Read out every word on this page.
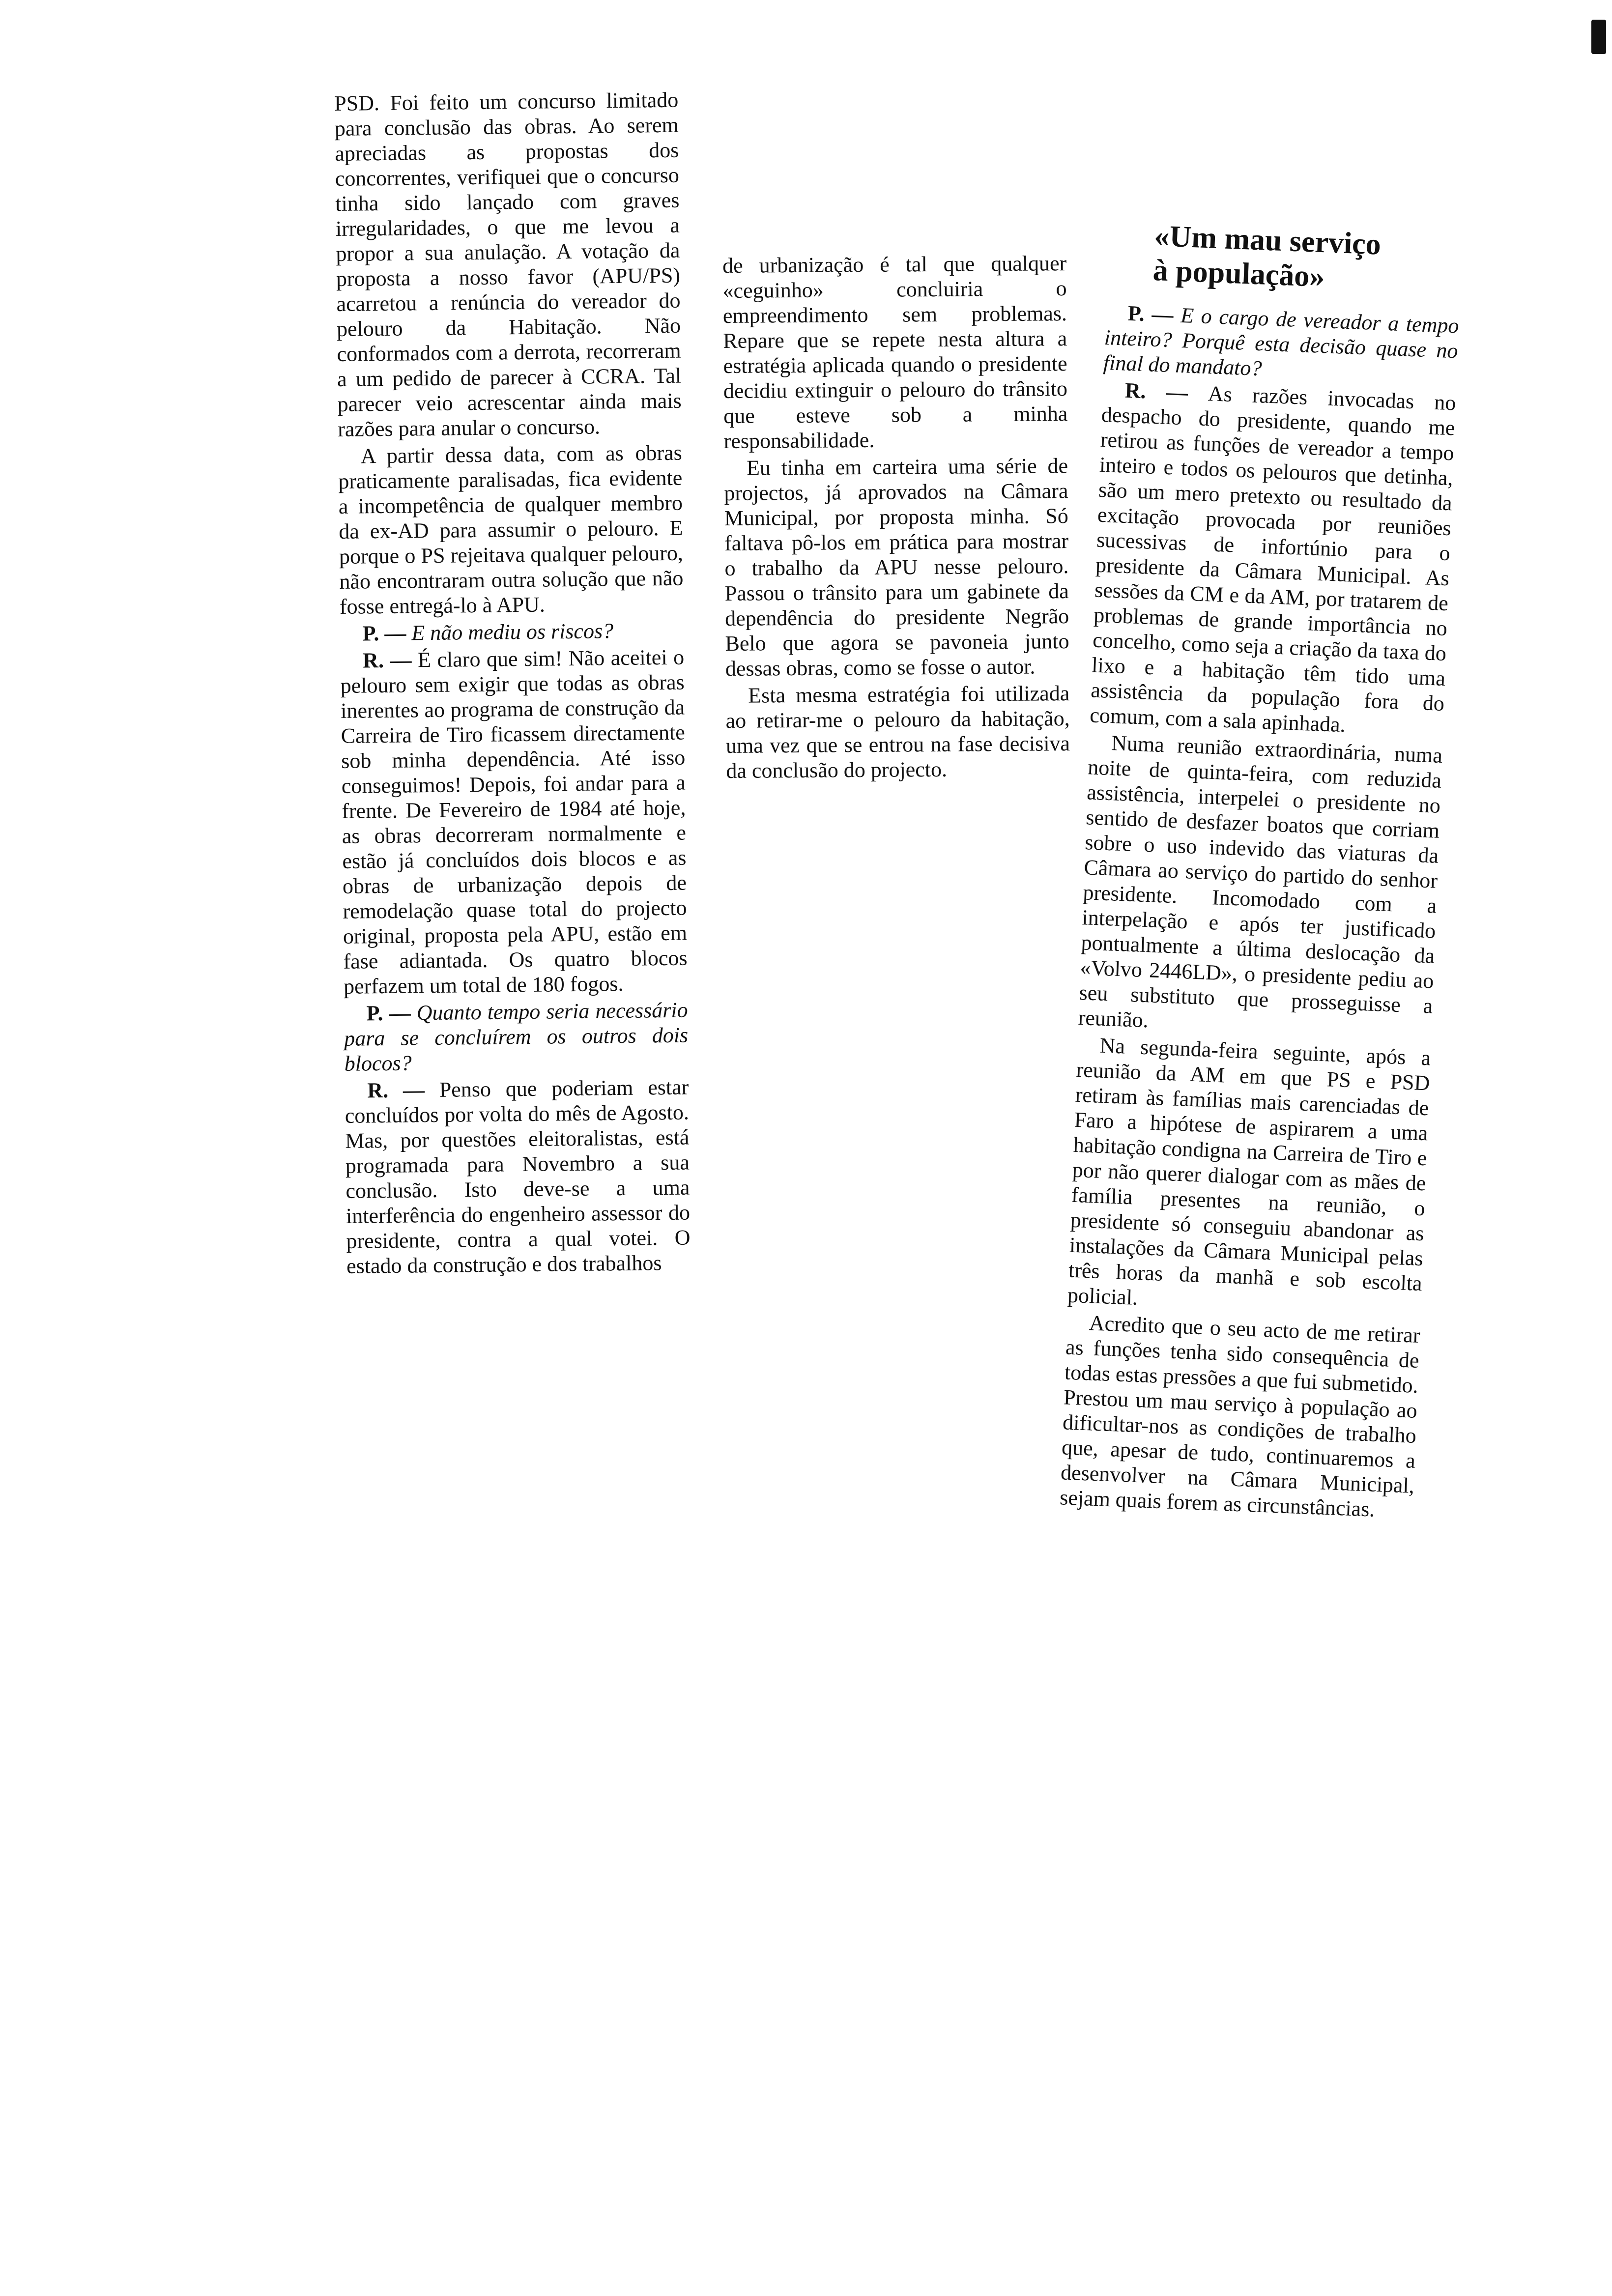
PSD. Foi feito um concurso limitado para conclusão das obras. Ao serem apreciadas as propostas dos concorrentes, verifiquei que o concurso tinha sido lançado com graves irregularidades, o que me levou a propor a sua anulação. A votação da proposta a nosso favor (APU/PS) acarretou a renúncia do vereador do pelouro da Habitação. Não conformados com a derrota, recorreram a um pedido de parecer à CCRA. Tal parecer veio acrescentar ainda mais razões para anular o concurso.

A partir dessa data, com as obras praticamente paralisadas, fica evidente a incompetência de qualquer membro da ex-AD para assumir o pelouro. E porque o PS rejeitava qualquer pelouro, não encontraram outra solução que não fosse entregá-lo à APU.

P. — E não mediu os riscos?

R. — É claro que sim! Não aceitei o pelouro sem exigir que todas as obras inerentes ao programa de construção da Carreira de Tiro ficassem directamente sob minha dependência. Até isso conseguimos! Depois, foi andar para a frente. De Fevereiro de 1984 até hoje, as obras decorreram normalmente e estão já concluídos dois blocos e as obras de urbanização depois de remodelação quase total do projecto original, proposta pela APU, estão em fase adiantada. Os quatro blocos perfazem um total de 180 fogos.

P. — Quanto tempo seria necessário para se concluírem os outros dois blocos?

R. — Penso que poderiam estar concluídos por volta do mês de Agosto. Mas, por questões eleitoralistas, está programada para Novembro a sua conclusão. Isto deve-se a uma interferência do engenheiro assessor do presidente, contra a qual votei. O estado da construção e dos trabalhos

de urbanização é tal que qualquer «ceguinho» concluiria o empreendimento sem problemas. Repare que se repete nesta altura a estratégia aplicada quando o presidente decidiu extinguir o pelouro do trânsito que esteve sob a minha responsabilidade.

Eu tinha em carteira uma série de projectos, já aprovados na Câmara Municipal, por proposta minha. Só faltava pô-los em prática para mostrar o trabalho da APU nesse pelouro. Passou o trânsito para um gabinete da dependência do presidente Negrão Belo que agora se pavoneia junto dessas obras, como se fosse o autor.

Esta mesma estratégia foi utilizada ao retirar-me o pelouro da habitação, uma vez que se entrou na fase decisiva da conclusão do projecto.

«Um mau serviço
à população»

P. — E o cargo de vereador a tempo inteiro? Porquê esta decisão quase no final do mandato?

R. — As razões invocadas no despacho do presidente, quando me retirou as funções de vereador a tempo inteiro e todos os pelouros que detinha, são um mero pretexto ou resultado da excitação provocada por reuniões sucessivas de infortúnio para o presidente da Câmara Municipal. As sessões da CM e da AM, por tratarem de problemas de grande importância no concelho, como seja a criação da taxa do lixo e a habitação têm tido uma assistência da população fora do comum, com a sala apinhada.

Numa reunião extraordinária, numa noite de quinta-feira, com reduzida assistência, interpelei o presidente no sentido de desfazer boatos que corriam sobre o uso indevido das viaturas da Câmara ao serviço do partido do senhor presidente. Incomodado com a interpelação e após ter justificado pontualmente a última deslocação da «Volvo 2446LD», o presidente pediu ao seu substituto que prosseguisse a reunião.

Na segunda-feira seguinte, após a reunião da AM em que PS e PSD retiram às famílias mais carenciadas de Faro a hipótese de aspirarem a uma habitação condigna na Carreira de Tiro e por não querer dialogar com as mães de família presentes na reunião, o presidente só conseguiu abandonar as instalações da Câmara Municipal pelas três horas da manhã e sob escolta policial.

Acredito que o seu acto de me retirar as funções tenha sido consequência de todas estas pressões a que fui submetido. Prestou um mau serviço à população ao dificultar-nos as condições de trabalho que, apesar de tudo, continuaremos a desenvolver na Câmara Municipal, sejam quais forem as circunstâncias.
